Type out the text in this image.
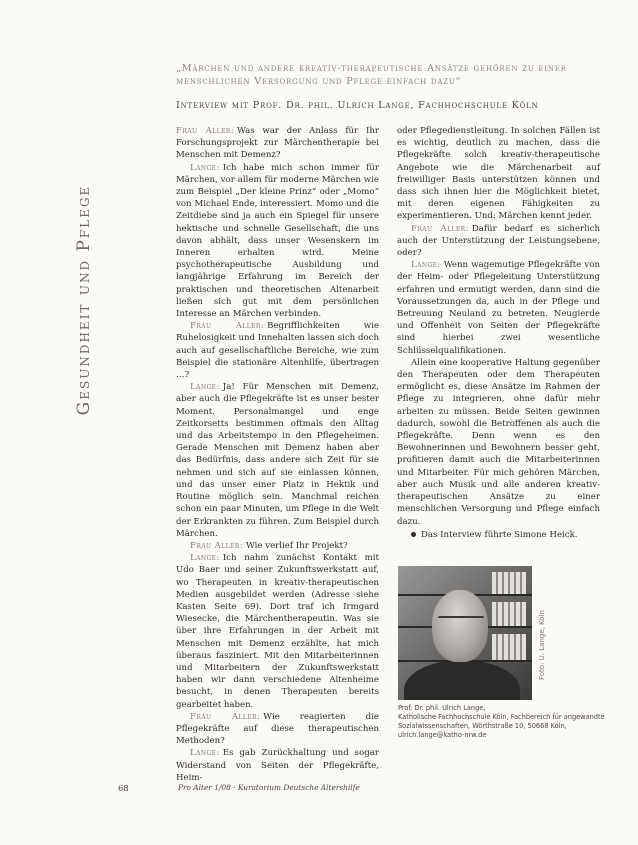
Gesundheit und Pflege
„Märchen und andere kreativ-therapeutische Ansätze gehören zu einer menschlichen Versorgung und Pflege einfach dazu“
Interview mit Prof. Dr. phil. Ulrich Lange, Fachhochschule Köln

Frau Aller: Was war der Anlass für Ihr Forschungsprojekt zur Märchentherapie bei Menschen mit Demenz?

Lange: Ich habe mich schon immer für Märchen, vor allem für moderne Märchen wie zum Beispiel „Der kleine Prinz“ oder „Momo“ von Michael Ende, interessiert. Momo und die Zeitdiebe sind ja auch ein Spiegel für unsere hektische und schnelle Gesellschaft, die uns davon abhält, dass unser Wesenskern im Inneren erhalten wird. Meine psychotherapeutische Ausbildung und langjährige Erfahrung im Bereich der praktischen und theoretischen Altenarbeit ließen sich gut mit dem persönlichen Interesse an Märchen verbinden.

Frau Aller: Begrifflichkeiten wie Ruhelosigkeit und Innehalten lassen sich doch auch auf gesellschaftliche Bereiche, wie zum Beispiel die stationäre Altenhilfe, übertragen …?

Lange: Ja! Für Menschen mit Demenz, aber auch die Pflegekräfte ist es unser bester Moment. Personalmangel und enge Zeitkorsetts bestimmen oftmals den Alltag und das Arbeitstempo in den Pflegeheimen. Gerade Menschen mit Demenz haben aber das Bedürfnis, dass andere sich Zeit für sie nehmen und sich auf sie einlassen können, und das unser einer Platz in Hektik und Routine möglich sein. Manchmal reichen schon ein paar Minuten, um Pflege in die Welt der Erkrankten zu führen. Zum Beispiel durch Märchen.

Frau Aller: Wie verlief Ihr Projekt?

Lange: Ich nahm zunächst Kontakt mit Udo Baer und seiner Zukunftswerkstatt auf, wo Therapeuten in kreativ-therapeutischen Medien ausgebildet werden (Adresse siehe Kasten Seite 69). Dort traf ich Irmgard Wiesecke, die Märchentherapeutin. Was sie über ihre Erfahrungen in der Arbeit mit Menschen mit Demenz erzählte, hat mich überaus fasziniert. Mit den Mitarbeiterinnen und Mitarbeitern der Zukunftswerkstatt haben wir dann verschiedene Altenheime besucht, in denen Therapeuten bereits gearbeitet haben.

Frau Aller: Wie reagierten die Pflegekräfte auf diese therapeutischen Methoden?

Lange: Es gab Zurückhaltung und sogar Widerstand von Seiten der Pflegekräfte, Heim-

oder Pflegedienstleitung. In solchen Fällen ist es wichtig, deutlich zu machen, dass die Pflegekräfte solch kreativ-therapeutische Angebote wie die Märchenarbeit auf freiwilliger Basis unterstützen können und dass sich ihnen hier die Möglichkeit bietet, mit deren eigenen Fähigkeiten zu experimentieren. Und: Märchen kennt jeder.

Frau Aller: Dafür bedarf es sicherlich auch der Unterstützung der Leistungsebene, oder?

Lange: Wenn wagemutige Pflegekräfte von der Heim- oder Pflegeleitung Unterstützung erfahren und ermutigt werden, dann sind die Voraussetzungen da, auch in der Pflege und Betreuung Neuland zu betreten. Neugierde und Offenheit von Seiten der Pflegekräfte sind hierbei zwei wesentliche Schlüsselqualifikationen.

Allein eine kooperative Haltung gegenüber den Therapeuten oder dem Therapeuten ermöglicht es, diese Ansätze im Rahmen der Pflege zu integrieren, ohne dafür mehr arbeiten zu müssen. Beide Seiten gewinnen dadurch, sowohl die Betroffenen als auch die Pflegekräfte. Denn wenn es den Bewohnerinnen und Bewohnern besser geht, profitieren damit auch die Mitarbeiterinnen und Mitarbeiter. Für mich gehören Märchen, aber auch Musik und alle anderen kreativ-therapeutischen Ansätze zu einer menschlichen Versorgung und Pflege einfach dazu.

Das Interview führte Simone Heick.

Foto: U. Lange, Köln
Prof. Dr. phil. Ulrich Lange,
Katholische Fachhochschule Köln, Fachbereich für angewandte
Sozialwissenschaften, Wörthstraße 10, 50668 Köln,
ulrich.lange@katho-nrw.de
68	Pro Alter 1/08 · Kuratorium Deutsche Altershilfe
